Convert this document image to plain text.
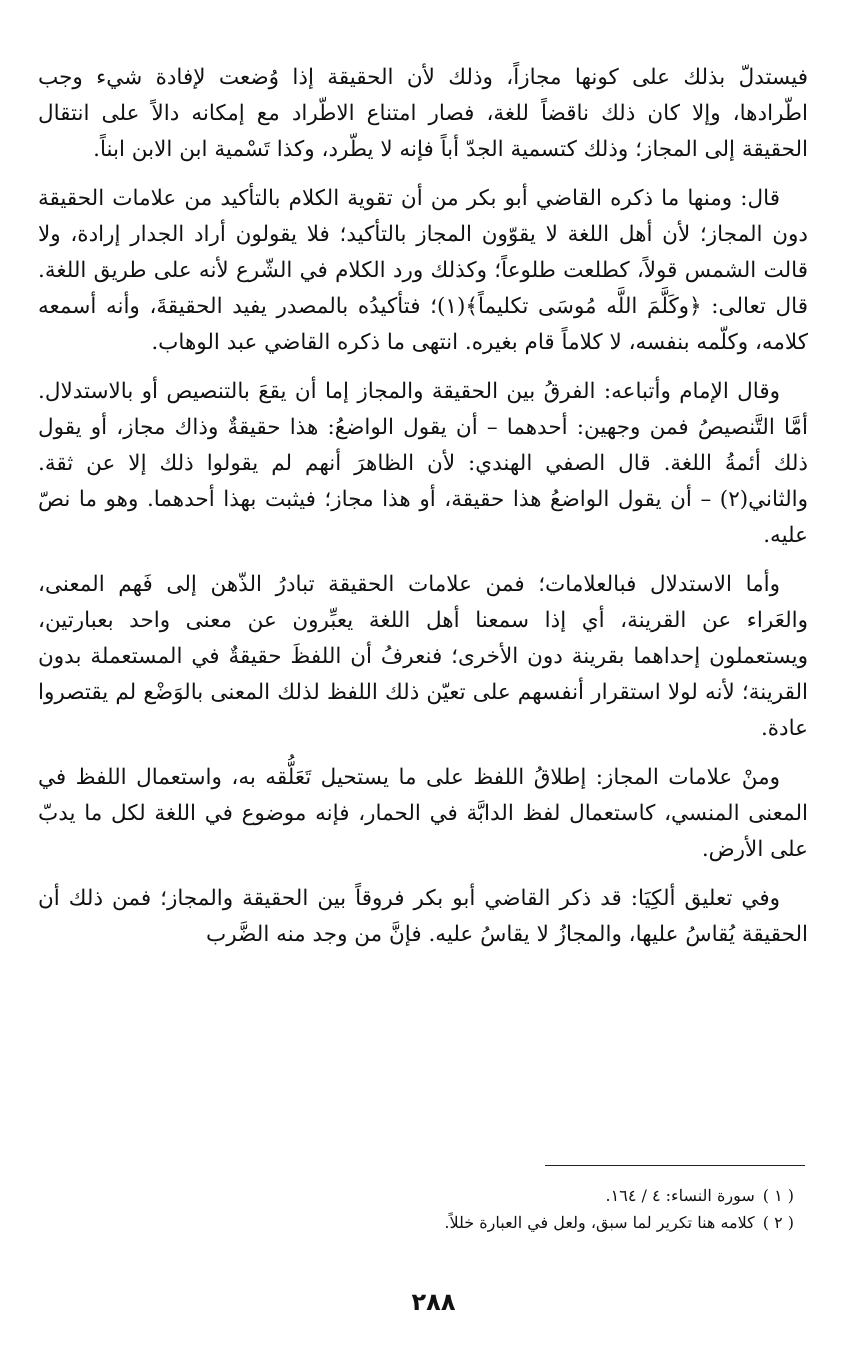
فيستدلّ بذلك على كونها مجازاً، وذلك لأن الحقيقة إذا وُضعت لإفادة شيء وجب اطّرادها، وإلا كان ذلك ناقضاً للغة، فصار امتناع الاطّراد مع إمكانه دالاً على انتقال الحقيقة إلى المجاز؛ وذلك كتسمية الجدّ أباً فإنه لا يطّرد، وكذا تَسْمية ابن الابن ابناً.

قال: ومنها ما ذكره القاضي أبو بكر من أن تقوية الكلام بالتأكيد من علامات الحقيقة دون المجاز؛ لأن أهل اللغة لا يقوّون المجاز بالتأكيد؛ فلا يقولون أراد الجدار إرادة، ولا قالت الشمس قولاً، كطلعت طلوعاً؛ وكذلك ورد الكلام في الشّرع لأنه على طريق اللغة. قال تعالى: ﴿وكَلَّمَ اللَّه مُوسَى تكليماً﴾(١)؛ فتأكيدُه بالمصدر يفيد الحقيقةَ، وأنه أسمعه كلامه، وكلّمه بنفسه، لا كلاماً قام بغيره. انتهى ما ذكره القاضي عبد الوهاب.

وقال الإمام وأتباعه: الفرقُ بين الحقيقة والمجاز إما أن يقعَ بالتنصيص أو بالاستدلال. أمَّا التَّنصيصُ فمن وجهين: أحدهما – أن يقول الواضعُ: هذا حقيقةٌ وذاك مجاز، أو يقول ذلك أئمةُ اللغة. قال الصفي الهندي: لأن الظاهرَ أنهم لم يقولوا ذلك إلا عن ثقة. والثاني(٢) – أن يقول الواضعُ هذا حقيقة، أو هذا مجاز؛ فيثبت بهذا أحدهما. وهو ما نصّ عليه.

وأما الاستدلال فبالعلامات؛ فمن علامات الحقيقة تبادرُ الذّهن إلى فَهم المعنى، والعَراء عن القرينة، أي إذا سمعنا أهل اللغة يعبِّرون عن معنى واحد بعبارتين، ويستعملون إحداهما بقرينة دون الأخرى؛ فنعرفُ أن اللفظَ حقيقةٌ في المستعملة بدون القرينة؛ لأنه لولا استقرار أنفسهم على تعيّن ذلك اللفظ لذلك المعنى بالوَضْع لم يقتصروا عادة.

ومنْ علامات المجاز: إطلاقُ اللفظ على ما يستحيل تَعَلُّقه به، واستعمال اللفظ في المعنى المنسي، كاستعمال لفظ الدابَّة في الحمار، فإنه موضوع في اللغة لكل ما يدبّ على الأرض.

وفي تعليق ألكِيَا: قد ذكر القاضي أبو بكر فروقاً بين الحقيقة والمجاز؛ فمن ذلك أن الحقيقة يُقاسُ عليها، والمجازُ لا يقاسُ عليه. فإنَّ من وجد منه الضَّرب

( ١ )سورة النساء: ٤ / ١٦٤.

( ٢ )كلامه هنا تكرير لما سبق، ولعل في العبارة خللاً.

٢٨٨
